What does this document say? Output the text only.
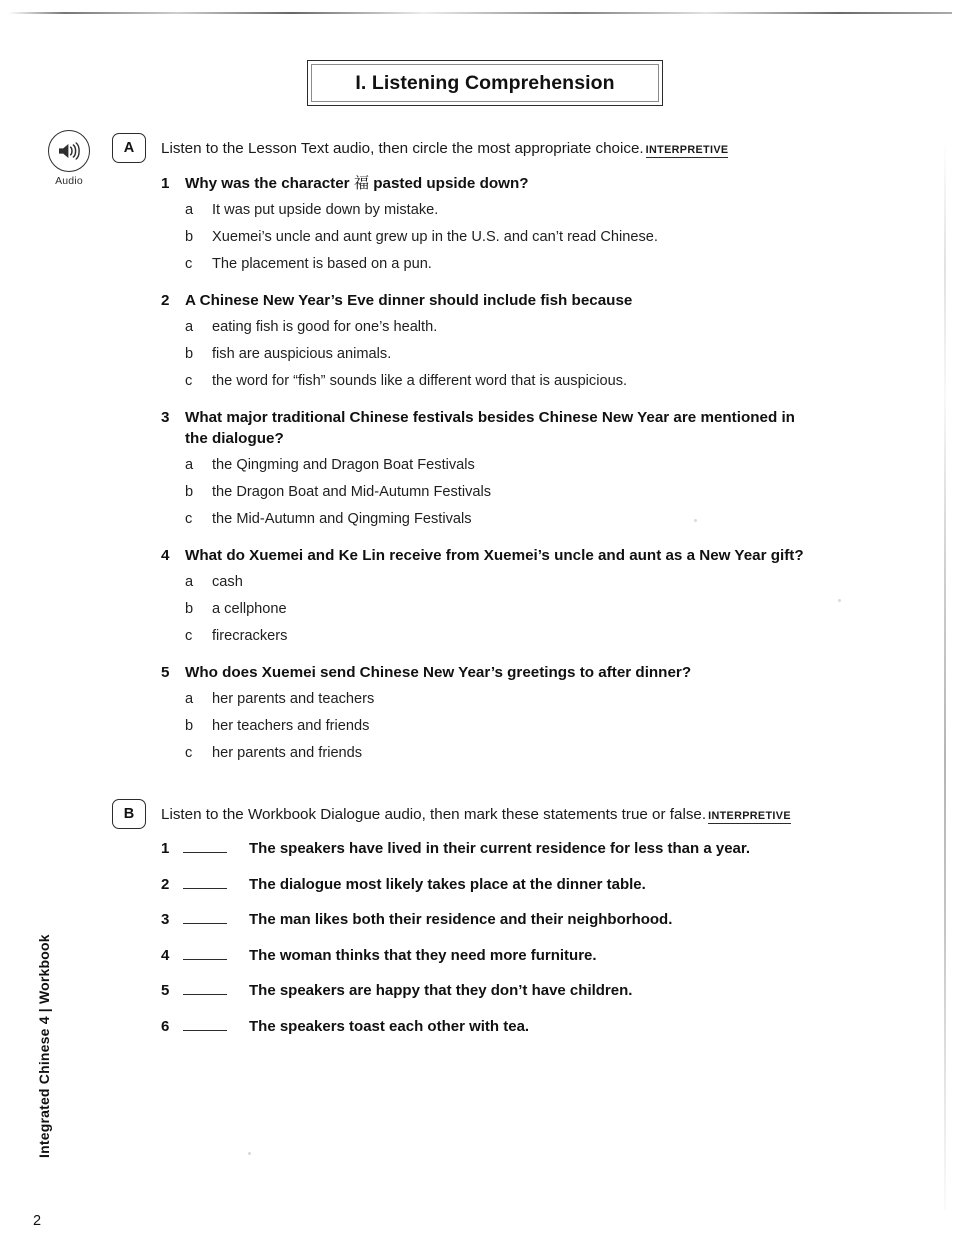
I. Listening Comprehension
Audio
A	Listen to the Lesson Text audio, then circle the most appropriate choice. INTERPRETIVE
1	Why was the character 福 pasted upside down?
a	It was put upside down by mistake.
b	Xuemei’s uncle and aunt grew up in the U.S. and can’t read Chinese.
c	The placement is based on a pun.
2	A Chinese New Year’s Eve dinner should include fish because
a	eating fish is good for one’s health.
b	fish are auspicious animals.
c	the word for “fish” sounds like a different word that is auspicious.
3	What major traditional Chinese festivals besides Chinese New Year are mentioned in the dialogue?
a	the Qingming and Dragon Boat Festivals
b	the Dragon Boat and Mid-Autumn Festivals
c	the Mid-Autumn and Qingming Festivals
4	What do Xuemei and Ke Lin receive from Xuemei’s uncle and aunt as a New Year gift?
a	cash
b	a cellphone
c	firecrackers
5	Who does Xuemei send Chinese New Year’s greetings to after dinner?
a	her parents and teachers
b	her teachers and friends
c	her parents and friends
B	Listen to the Workbook Dialogue audio, then mark these statements true or false. INTERPRETIVE
1	The speakers have lived in their current residence for less than a year.
2	The dialogue most likely takes place at the dinner table.
3	The man likes both their residence and their neighborhood.
4	The woman thinks that they need more furniture.
5	The speakers are happy that they don’t have children.
6	The speakers toast each other with tea.
Integrated Chinese 4 | Workbook
2
